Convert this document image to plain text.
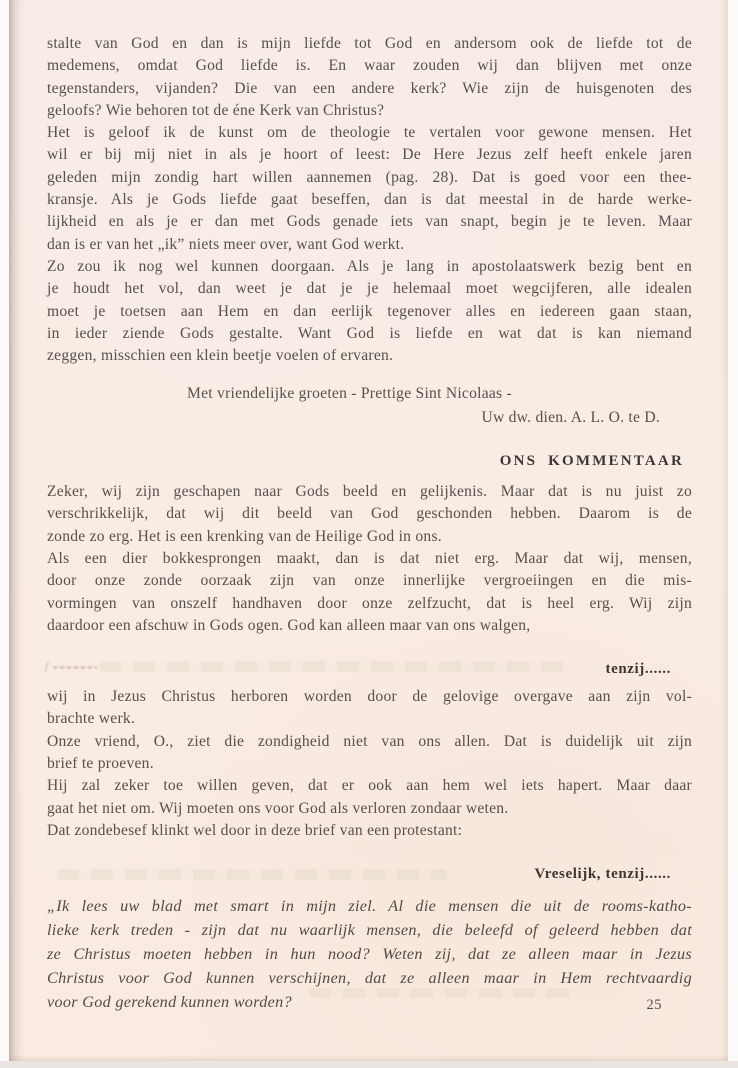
stalte van God en dan is mijn liefde tot God en andersom ook de liefde tot de
medemens, omdat God liefde is. En waar zouden wij dan blijven met onze
tegenstanders, vijanden? Die van een andere kerk? Wie zijn de huisgenoten des
geloofs? Wie behoren tot de éne Kerk van Christus?
Het is geloof ik de kunst om de theologie te vertalen voor gewone mensen. Het
wil er bij mij niet in als je hoort of leest: De Here Jezus zelf heeft enkele jaren
geleden mijn zondig hart willen aannemen (pag. 28). Dat is goed voor een thee-
kransje. Als je Gods liefde gaat beseffen, dan is dat meestal in de harde werke-
lijkheid en als je er dan met Gods genade iets van snapt, begin je te leven. Maar
dan is er van het „ik” niets meer over, want God werkt.
Zo zou ik nog wel kunnen doorgaan. Als je lang in apostolaatswerk bezig bent en
je houdt het vol, dan weet je dat je je helemaal moet wegcijferen, alle idealen
moet je toetsen aan Hem en dan eerlijk tegenover alles en iedereen gaan staan,
in ieder ziende Gods gestalte. Want God is liefde en wat dat is kan niemand
zeggen, misschien een klein beetje voelen of ervaren.
Met vriendelijke groeten - Prettige Sint Nicolaas -
Uw dw. dien. A. L. O. te D.
ONS KOMMENTAAR
Zeker, wij zijn geschapen naar Gods beeld en gelijkenis. Maar dat is nu juist zo
verschrikkelijk, dat wij dit beeld van God geschonden hebben. Daarom is de
zonde zo erg. Het is een krenking van de Heilige God in ons.
Als een dier bokkesprongen maakt, dan is dat niet erg. Maar dat wij, mensen,
door onze zonde oorzaak zijn van onze innerlijke vergroeiingen en die mis-
vormingen van onszelf handhaven door onze zelfzucht, dat is heel erg. Wij zijn
daardoor een afschuw in Gods ogen. God kan alleen maar van ons walgen,
tenzij......
wij in Jezus Christus herboren worden door de gelovige overgave aan zijn vol-
brachte werk.
Onze vriend, O., ziet die zondigheid niet van ons allen. Dat is duidelijk uit zijn
brief te proeven.
Hij zal zeker toe willen geven, dat er ook aan hem wel iets hapert. Maar daar
gaat het niet om. Wij moeten ons voor God als verloren zondaar weten.
Dat zondebesef klinkt wel door in deze brief van een protestant:
Vreselijk, tenzij......
„Ik lees uw blad met smart in mijn ziel. Al die mensen die uit de rooms-katho-
lieke kerk treden - zijn dat nu waarlijk mensen, die beleefd of geleerd hebben dat
ze Christus moeten hebben in hun nood? Weten zij, dat ze alleen maar in Jezus
Christus voor God kunnen verschijnen, dat ze alleen maar in Hem rechtvaardig
voor God gerekend kunnen worden?
f
25
